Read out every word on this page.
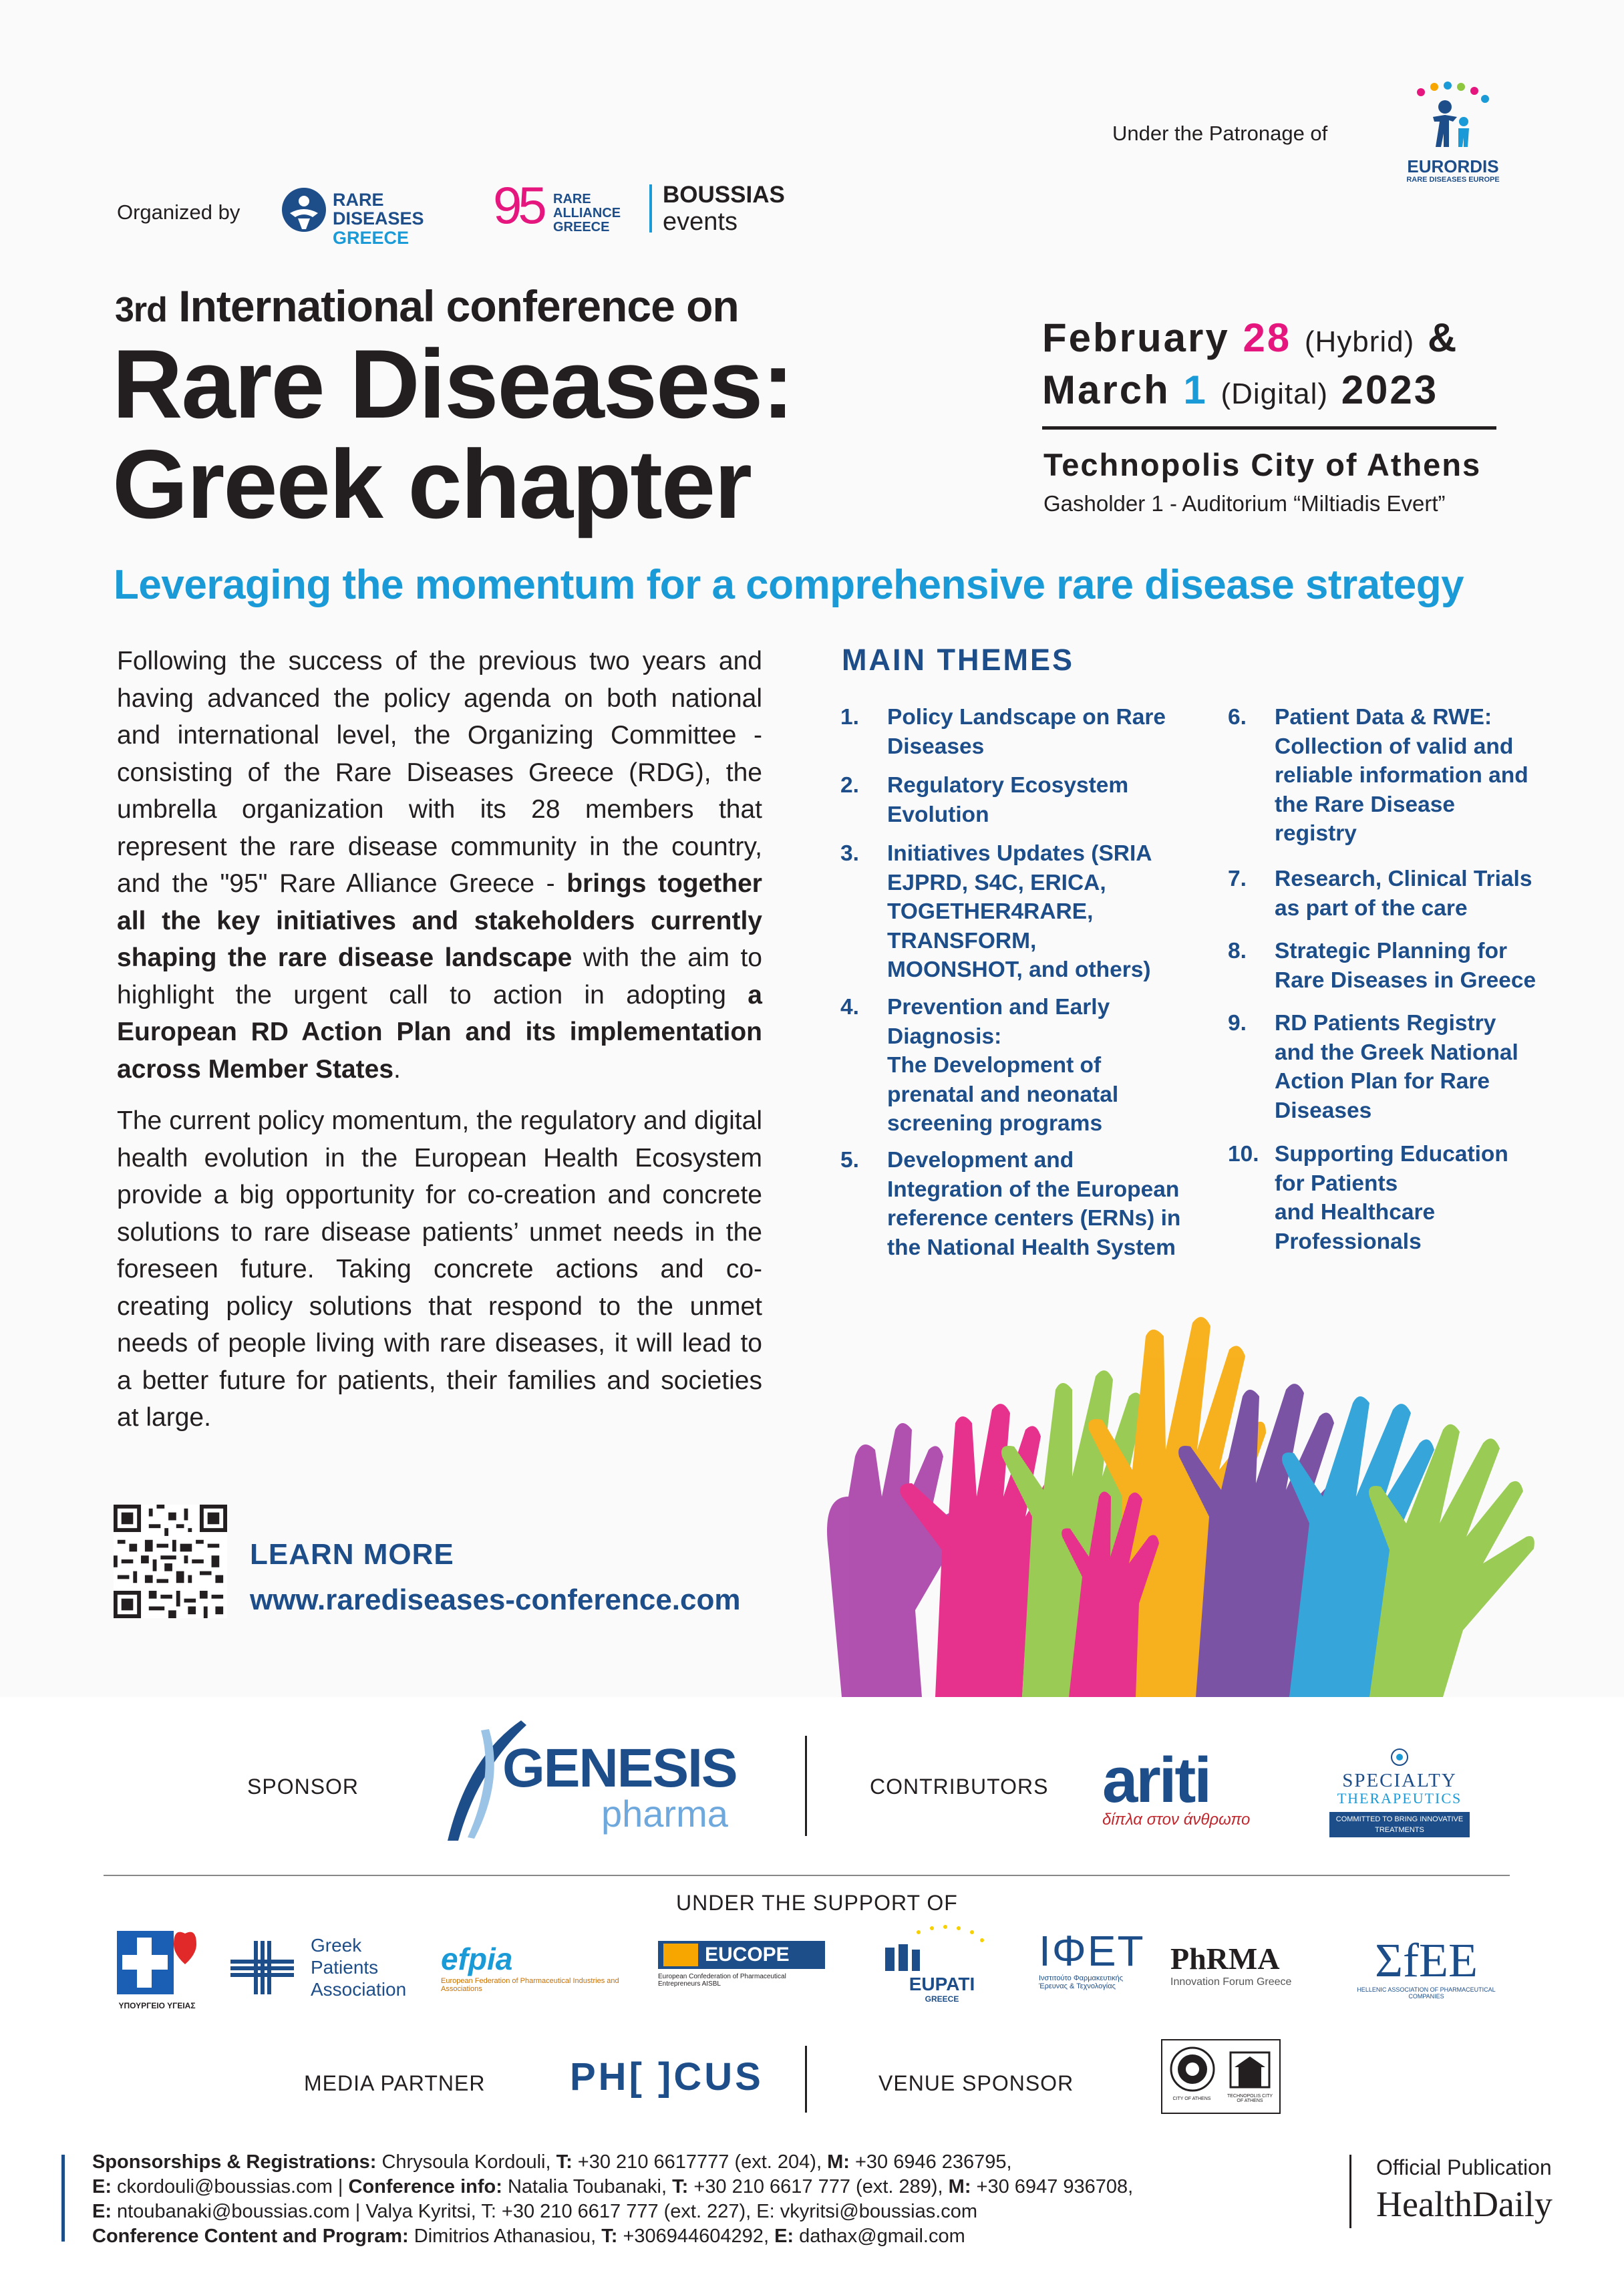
Under the Patronage of
EURORDIS
RARE DISEASES EUROPE
Organized by
RARE DISEASES
GREECE
95 RARE
ALLIANCE
GREECE
BOUSSIAS
events
3rd International conference on
Rare Diseases:
Greek chapter
February 28 (Hybrid) &
March 1 (Digital) 2023
Technopolis City of Athens
Gasholder 1 - Auditorium “Miltiadis Evert”
Leveraging the momentum for a comprehensive rare disease strategy
Following the success of the previous two years and having advanced the policy agenda on both national and international level, the Organizing Committee - consisting of the Rare Diseases Greece (RDG), the umbrella organization with its 28 members that represent the rare disease community in the country, and the "95" Rare Alliance Greece - brings together all the key initiatives and stakeholders currently shaping the rare disease landscape with the aim to highlight the urgent call to action in adopting a European RD Action Plan and its implementation across Member States.
The current policy momentum, the regulatory and digital health evolution in the European Health Ecosystem provide a big opportunity for co-creation and concrete solutions to rare disease patients’ unmet needs in the foreseen future. Taking concrete actions and co-creating policy solutions that respond to the unmet needs of people living with rare diseases, it will lead to a better future for patients, their families and societies at large.
MAIN THEMES
1. Policy Landscape on Rare
Diseases
2. Regulatory Ecosystem
Evolution
3. Initiatives Updates (SRIA
EJPRD, S4C, ERICA,
TOGETHER4RARE,
TRANSFORM,
MOONSHOT, and others)
4. Prevention and Early
Diagnosis:
The Development of
prenatal and neonatal
screening programs
5. Development and
Integration of the European
reference centers (ERNs) in
the National Health System
6. Patient Data & RWE:
Collection of valid and
reliable information and
the Rare Disease
registry
7. Research, Clinical Trials
as part of the care
8. Strategic Planning for
Rare Diseases in Greece
9. RD Patients Registry
and the Greek National
Action Plan for Rare
Diseases
10. Supporting Education
for Patients
and Healthcare
Professionals
LEARN MORE
www.rarediseases-conference.com
SPONSOR	GENESIS
pharma
CONTRIBUTORS ariti
δίπλα στον άνθρωπο
SPECIALTY
THERAPEUTICS
COMMITTED TO BRING INNOVATIVE TREATMENTS
UNDER THE SUPPORT OF
ΥΠΟΥΡΓΕΙΟ ΥΓΕΙΑΣ
Greek Patients Association
efpia
European Federation of Pharmaceutical Industries and Associations
EUCOPE
European Confederation of Pharmaceutical Entrepreneurs AISBL	EUPATI
GREECE
ΙΦΕΤ
Ινστιτούτο Φαρμακευτικής Έρευνας & Τεχνολογίας
PhRMA
Innovation Forum Greece	ΣfEE
HELLENIC ASSOCIATION OF PHARMACEUTICAL COMPANIES
MEDIA PARTNER PH[ ]CUS	VENUE SPONSOR
CITY OF ATHENS
TECHNOPOLIS CITY OF ATHENS
Sponsorships & Registrations: Chrysoula Kordouli, T: +30 210 6617777 (ext. 204), M: +30 6946 236795,
E: ckordouli@boussias.com | Conference info: Natalia Toubanaki, T: +30 210 6617 777 (ext. 289), M: +30 6947 936708,
E: ntoubanaki@boussias.com | Valya Kyritsi, T: +30 210 6617 777 (ext. 227), E: vkyritsi@boussias.com
Conference Content and Program: Dimitrios Athanasiou, T: +306944604292, E: dathax@gmail.com
Official Publication
HealthDaily
